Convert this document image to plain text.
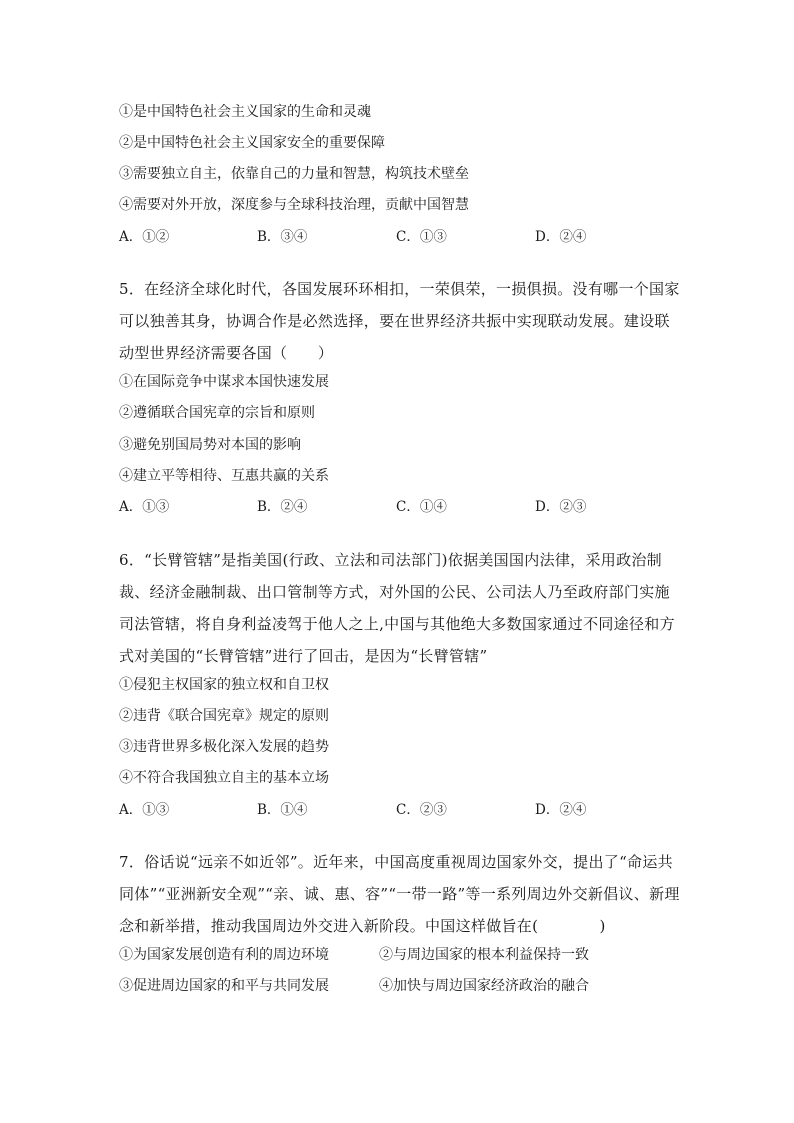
①是中国特色社会主义国家的生命和灵魂
②是中国特色社会主义国家安全的重要保障
③需要独立自主，依靠自己的力量和智慧，构筑技术壁垒
④需要对外开放，深度参与全球科技治理，贡献中国智慧
A．①②	B．③④	C．①③	D．②④
5．在经济全球化时代，各国发展环环相扣，一荣俱荣，一损俱损。没有哪一个国家可以独善其身，协调合作是必然选择，要在世界经济共振中实现联动发展。建设联动型世界经济需要各国（　　）
①在国际竞争中谋求本国快速发展
②遵循联合国宪章的宗旨和原则
③避免别国局势对本国的影响
④建立平等相待、互惠共赢的关系
A．①③	B．②④	C．①④	D．②③
6．“长臂管辖”是指美国(行政、立法和司法部门)依据美国国内法律，采用政治制裁、经济金融制裁、出口管制等方式，对外国的公民、公司法人乃至政府部门实施司法管辖，将自身利益凌驾于他人之上,中国与其他绝大多数国家通过不同途径和方式对美国的“长臂管辖”进行了回击，是因为“长臂管辖”
①侵犯主权国家的独立权和自卫权
②违背《联合国宪章》规定的原则
③违背世界多极化深入发展的趋势
④不符合我国独立自主的基本立场
A．①③	B．①④	C．②③	D．②④
7．俗话说“远亲不如近邻”。近年来，中国高度重视周边国家外交，提出了“命运共同体”“亚洲新安全观”“亲、诚、惠、容”“一带一路”等一系列周边外交新倡议、新理念和新举措，推动我国周边外交进入新阶段。中国这样做旨在(　　　　)
①为国家发展创造有利的周边环境	②与周边国家的根本利益保持一致
③促进周边国家的和平与共同发展	④加快与周边国家经济政治的融合
